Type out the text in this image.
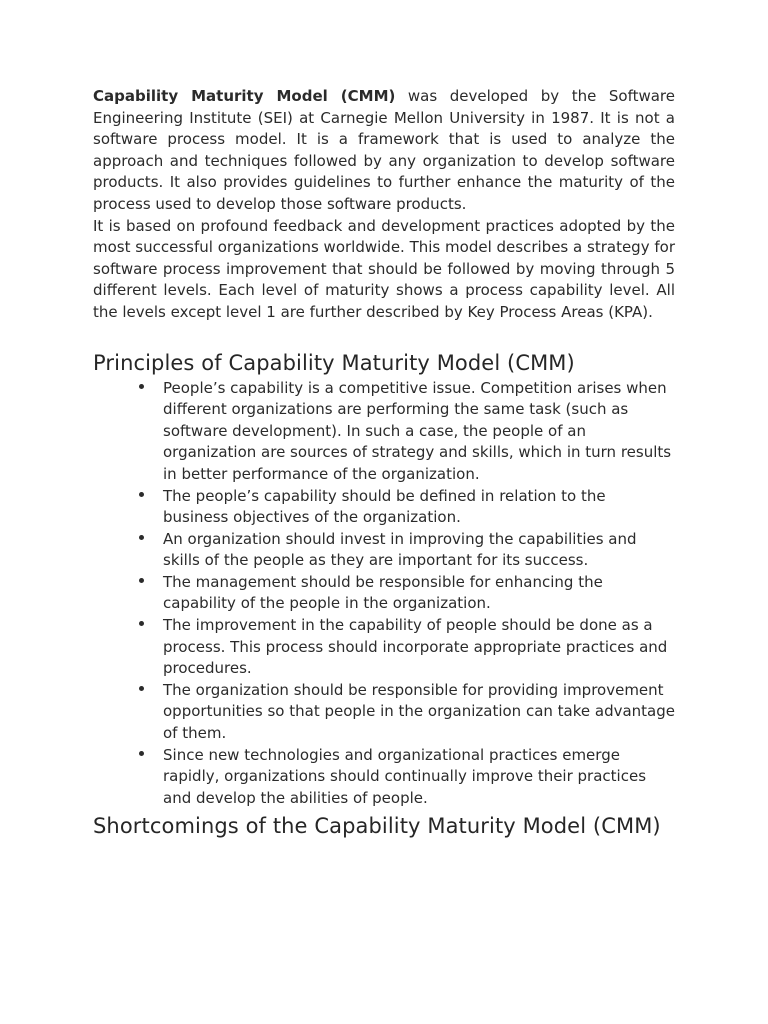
Capability Maturity Model (CMM) was developed by the Software Engineering Institute (SEI) at Carnegie Mellon University in 1987. It is not a software process model. It is a framework that is used to analyze the approach and techniques followed by any organization to develop software products. It also provides guidelines to further enhance the maturity of the process used to develop those software products.

It is based on profound feedback and development practices adopted by the most successful organizations worldwide. This model describes a strategy for software process improvement that should be followed by moving through 5 different levels. Each level of maturity shows a process capability level. All the levels except level 1 are further described by Key Process Areas (KPA).

Principles of Capability Maturity Model (CMM)
People’s capability is a competitive issue. Competition arises when different organizations are performing the same task (such as software development). In such a case, the people of an organization are sources of strategy and skills, which in turn results in better performance of the organization.
The people’s capability should be defined in relation to the business objectives of the organization.
An organization should invest in improving the capabilities and skills of the people as they are important for its success.
The management should be responsible for enhancing the capability of the people in the organization.
The improvement in the capability of people should be done as a process. This process should incorporate appropriate practices and procedures.
The organization should be responsible for providing improvement opportunities so that people in the organization can take advantage of them.
Since new technologies and organizational practices emerge rapidly, organizations should continually improve their practices and develop the abilities of people.
Shortcomings of the Capability Maturity Model (CMM)
